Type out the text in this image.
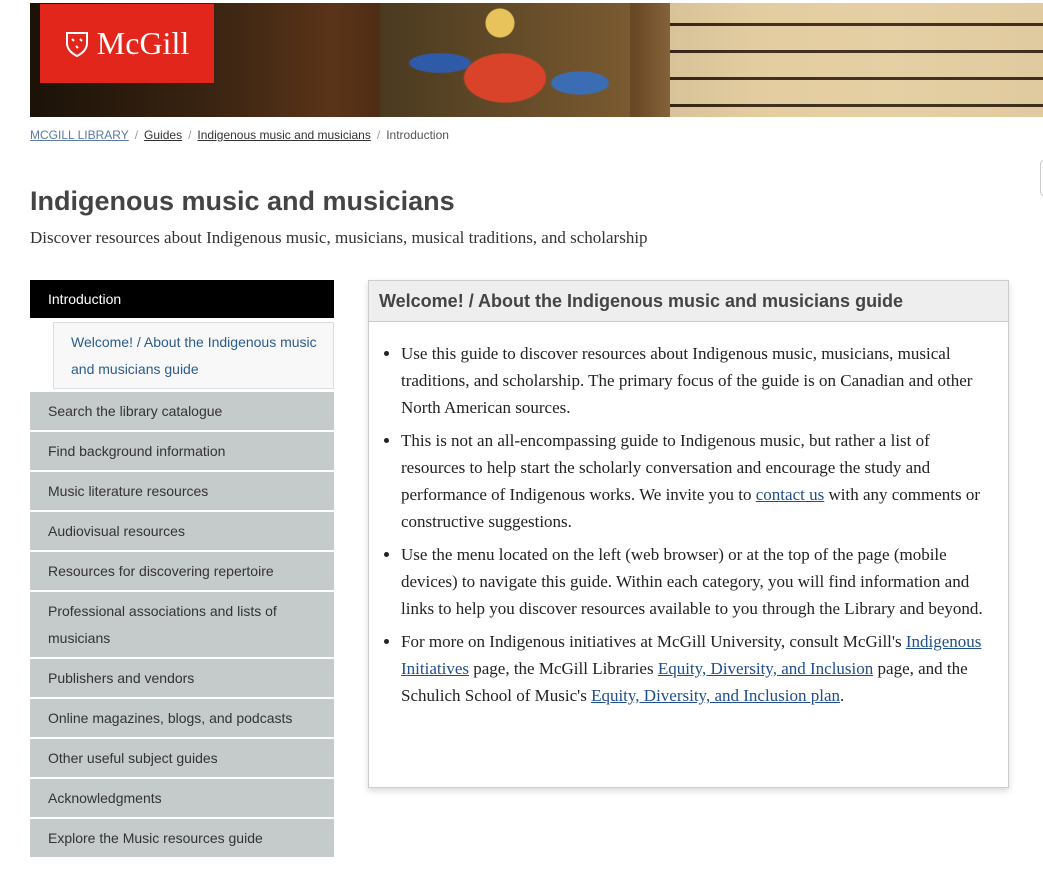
McGill
MCGILL LIBRARY / Guides / Indigenous music and musicians / Introduction
Indigenous music and musicians

Discover resources about Indigenous music, musicians, musical traditions, and scholarship

Introduction
Welcome! / About the Indigenous music and musicians guide
Search the library catalogue
Find background information
Music literature resources
Audiovisual resources
Resources for discovering repertoire
Professional associations and lists of musicians
Publishers and vendors
Online magazines, blogs, and podcasts
Other useful subject guides
Acknowledgments
Explore the Music resources guide
Welcome! / About the Indigenous music and musicians guide
• Use this guide to discover resources about Indigenous music, musicians, musical traditions, and scholarship. The primary focus of the guide is on Canadian and other North American sources.
• This is not an all-encompassing guide to Indigenous music, but rather a list of resources to help start the scholarly conversation and encourage the study and performance of Indigenous works. We invite you to contact us with any comments or constructive suggestions.
• Use the menu located on the left (web browser) or at the top of the page (mobile devices) to navigate this guide. Within each category, you will find information and links to help you discover resources available to you through the Library and beyond.
• For more on Indigenous initiatives at McGill University, consult McGill's Indigenous Initiatives page, the McGill Libraries Equity, Diversity, and Inclusion page, and the Schulich School of Music's Equity, Diversity, and Inclusion plan.
